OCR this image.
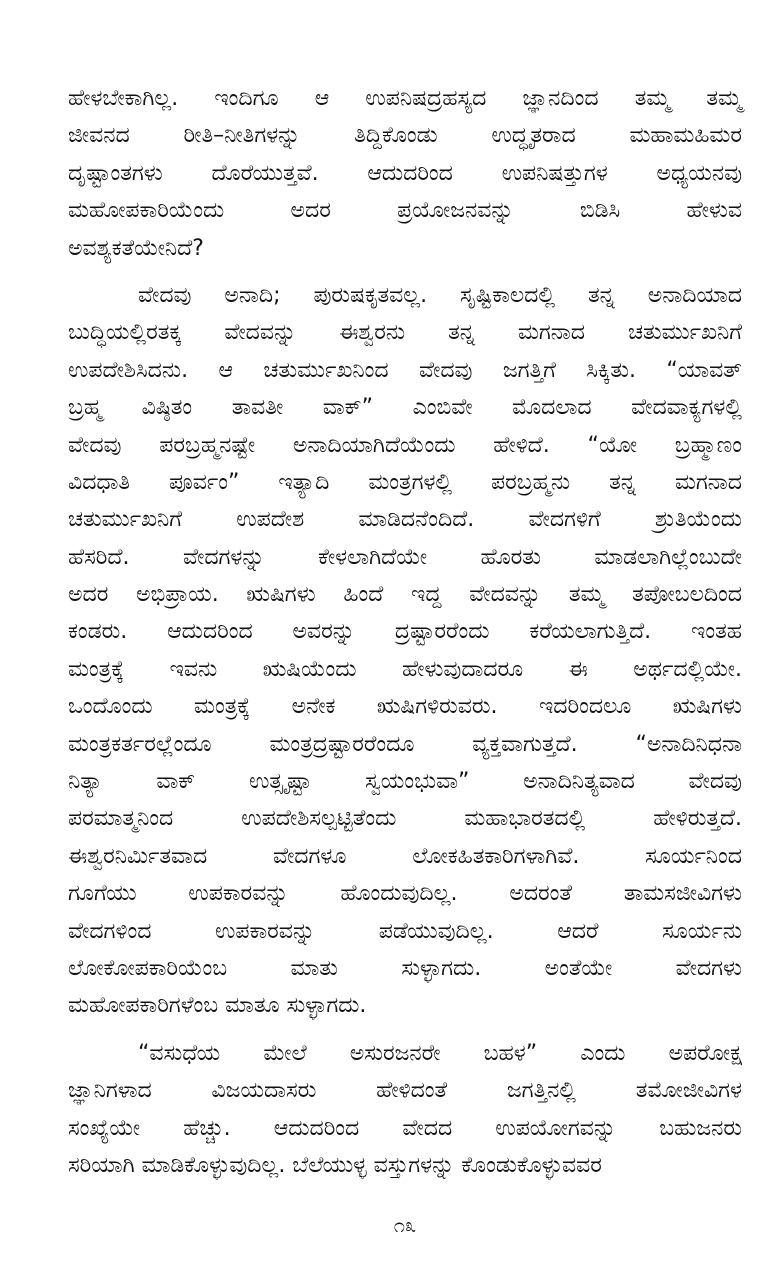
ಹೇಳಬೇಕಾಗಿಲ್ಲ. ಇಂದಿಗೂ ಆ ಉಪನಿಷದ್ರಹಸ್ಯದ ಜ್ಞಾನದಿಂದ ತಮ್ಮ ತಮ್ಮ
ಜೀವನದ ರೀತಿ–ನೀತಿಗಳನ್ನು ತಿದ್ದಿಕೊಂಡು ಉದ್ಧೃತರಾದ ಮಹಾಮಹಿಮರ
ದೃಷ್ಟಾಂತಗಳು ದೊರೆಯುತ್ತವೆ. ಆದುದರಿಂದ ಉಪನಿಷತ್ತುಗಳ ಅಧ್ಯಯನವು
ಮಹೋಪಕಾರಿಯೆಂದು ಅದರ ಪ್ರಯೋಜನವನ್ನು ಬಿಡಿಸಿ ಹೇಳುವ
ಅವಶ್ಯಕತೆಯೇನಿದೆ?
ವೇದವು ಅನಾದಿ; ಪುರುಷಕೃತವಲ್ಲ. ಸೃಷ್ಟಿಕಾಲದಲ್ಲಿ ತನ್ನ ಅನಾದಿಯಾದ
ಬುದ್ಧಿಯಲ್ಲಿರತಕ್ಕ ವೇದವನ್ನು ಈಶ್ವರನು ತನ್ನ ಮಗನಾದ ಚತುರ್ಮುಖನಿಗೆ
ಉಪದೇಶಿಸಿದನು. ಆ ಚತುರ್ಮುಖನಿಂದ ವೇದವು ಜಗತ್ತಿಗೆ ಸಿಕ್ಕಿತು. “ಯಾವತ್
ಬ್ರಹ್ಮ ವಿಷ್ಠಿತಂ ತಾವತೀ ವಾಕ್” ಎಂಬಿವೇ ಮೊದಲಾದ ವೇದವಾಕ್ಯಗಳಲ್ಲಿ
ವೇದವು ಪರಬ್ರಹ್ಮನಷ್ಟೇ ಅನಾದಿಯಾಗಿದೆಯೆಂದು ಹೇಳಿದೆ. “ಯೋ ಬ್ರಹ್ಮಾಣಂ
ವಿದಧಾತಿ ಪೂರ್ವಂ” ಇತ್ಯಾದಿ ಮಂತ್ರಗಳಲ್ಲಿ ಪರಬ್ರಹ್ಮನು ತನ್ನ ಮಗನಾದ
ಚತುರ್ಮುಖನಿಗೆ ಉಪದೇಶ ಮಾಡಿದನೆಂದಿದೆ. ವೇದಗಳಿಗೆ ಶ್ರುತಿಯೆಂದು
ಹೆಸರಿದೆ. ವೇದಗಳನ್ನು ಕೇಳಲಾಗಿದೆಯೇ ಹೊರತು ಮಾಡಲಾಗಿಲ್ಲೆಂಬುದೇ
ಅದರ ಅಭಿಪ್ರಾಯ. ಋಷಿಗಳು ಹಿಂದೆ ಇದ್ದ ವೇದವನ್ನು ತಮ್ಮ ತಪೋಬಲದಿಂದ
ಕಂಡರು. ಆದುದರಿಂದ ಅವರನ್ನು ದ್ರಷ್ಟಾರರೆಂದು ಕರೆಯಲಾಗುತ್ತಿದೆ. ಇಂತಹ
ಮಂತ್ರಕ್ಕೆ ಇವನು ಋಷಿಯೆಂದು ಹೇಳುವುದಾದರೂ ಈ ಅರ್ಥದಲ್ಲಿಯೇ.
ಒಂದೊಂದು ಮಂತ್ರಕ್ಕೆ ಅನೇಕ ಋಷಿಗಳಿರುವರು. ಇದರಿಂದಲೂ ಋಷಿಗಳು
ಮಂತ್ರಕರ್ತರಲ್ಲೆಂದೂ ಮಂತ್ರದ್ರಷ್ಟಾರರೆಂದೂ ವ್ಯಕ್ತವಾಗುತ್ತದೆ. “ಅನಾದಿನಿಧನಾ
ನಿತ್ಯಾ ವಾಕ್ ಉತ್ಸೃಷ್ಟಾ ಸ್ವಯಂಭುವಾ” ಅನಾದಿನಿತ್ಯವಾದ ವೇದವು
ಪರಮಾತ್ಮನಿಂದ ಉಪದೇಶಿಸಲ್ಪಟ್ಟಿತೆಂದು ಮಹಾಭಾರತದಲ್ಲಿ ಹೇಳಿರುತ್ತದೆ.
ಈಶ್ವರನಿರ್ಮಿತವಾದ ವೇದಗಳೂ ಲೋಕಹಿತಕಾರಿಗಳಾಗಿವೆ. ಸೂರ್ಯನಿಂದ
ಗೂಗೆಯು ಉಪಕಾರವನ್ನು ಹೊಂದುವುದಿಲ್ಲ. ಅದರಂತೆ ತಾಮಸಜೀವಿಗಳು
ವೇದಗಳಿಂದ ಉಪಕಾರವನ್ನು ಪಡೆಯುವುದಿಲ್ಲ. ಆದರೆ ಸೂರ್ಯನು
ಲೋಕೋಪಕಾರಿಯೆಂಬ ಮಾತು ಸುಳ್ಳಾಗದು. ಅಂತೆಯೇ ವೇದಗಳು
ಮಹೋಪಕಾರಿಗಳೆಂಬ ಮಾತೂ ಸುಳ್ಳಾಗದು.
“ವಸುಧೆಯ ಮೇಲೆ ಅಸುರಜನರೇ ಬಹಳ” ಎಂದು ಅಪರೋಕ್ಷ
ಜ್ಞಾನಿಗಳಾದ ವಿಜಯದಾಸರು ಹೇಳಿದಂತೆ ಜಗತ್ತಿನಲ್ಲಿ ತಮೋಜೀವಿಗಳ
ಸಂಖ್ಯೆಯೇ ಹೆಚ್ಚು. ಆದುದರಿಂದ ವೇದದ ಉಪಯೋಗವನ್ನು ಬಹುಜನರು
ಸರಿಯಾಗಿ ಮಾಡಿಕೊಳ್ಳುವುದಿಲ್ಲ. ಬೆಲೆಯುಳ್ಳ ವಸ್ತುಗಳನ್ನು ಕೊಂಡುಕೊಳ್ಳುವವರ
೧೩
